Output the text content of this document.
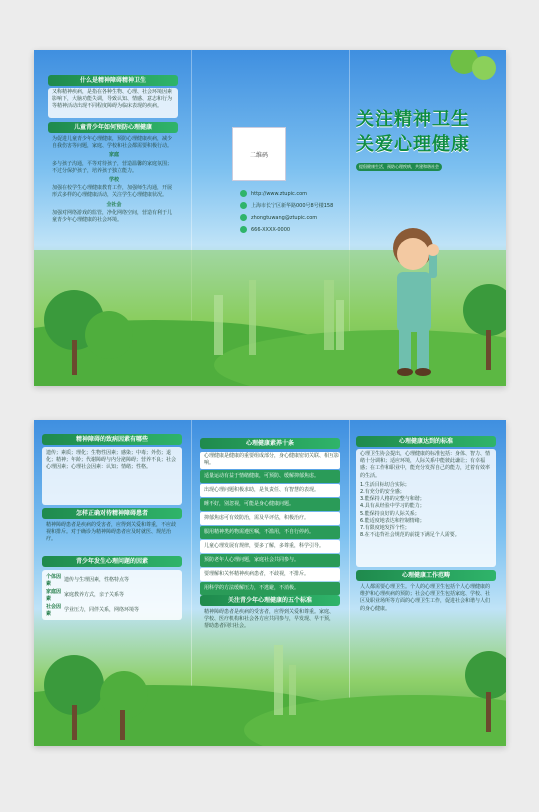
什么是精神障碍精神卫生
又称精神疾病，是指在各种生物、心理、社会环境因素影响下，大脑功能失调，导致认知、情感、意志和行为等精神活动出现不同程度障碍为临床表现的疾病。
儿童青少年如何预防心理健康
为促进儿童青少年心理健康，预防心理健康疾病，减少自我伤害等问题，家庭、学校和社会都需要积极行动。
家庭
多与孩子沟通，平等对待孩子，营造温馨的家庭氛围；不过分保护孩子，培养孩子独立能力。
学校
加强在校学生心理健康教育工作，加强师生沟通，开展形式多样的心理健康活动，关注学生心理健康状况。
全社会
加强对网络游戏的监管，净化网络空间，营造有利于儿童青少年心理健康的社会环境。
二维码
http://www.ztupic.com
上海市长宁区新华路000号8号楼158
zhongtuwang@ztupic.com
666-XXXX-0000
关注精神卫生
关爱心理健康
提倡健康生活，预防心理疾病，共建和谐社会
精神障碍的致病因素有哪些
遗传；素质；理化；生物性因素；感染；中毒；外伤；退化；精神；年龄；代谢障碍与内分泌障碍；营养不良；社会心理因素；心理社会因素：认知；情绪；性格。
怎样正确对待精神障碍患者
精神障碍患者是疾病的受害者，应得到关爱和尊重，不应歧视和排斥。对于确诊为精神障碍患者应及时就医、规范治疗。
青少年发生心理问题的因素
个体因素
遗传与生理因素，性格特点等
家庭因素
家庭教养方式，亲子关系等
社会因素
学业压力，同伴关系，网络环境等
心理健康素养十条
心理健康是健康的重要组成部分，身心健康密切关联、相互影响。
适量运动有益于情绪健康，可预防、缓解抑郁焦虑。
出现心理问题积极求助，是负责任、有智慧的表现。
睡不好，别忽视，可能是身心健康问题。
抑郁焦虑可有效防治，需及早评估，积极治疗。
服用精神类药物需遵医嘱，不滥用，不自行停药。
儿童心理发展有规律，要多了解，多尊重，科学引导。
预防老年人心理问题，家庭社会共同参与。
要理解和关怀精神疾病患者，不歧视，不排斥。
用科学的方法缓解压力，不逃避，不消极。
关注青少年心理健康的五个标准
精神障碍患者是疾病的受害者，应得到关爱和尊重。家庭、学校、医疗机构和社会各方应共同参与，早发现、早干预，帮助患者回归社会。
心理健康达到的标准
心理卫生协会提出，心理健康的标准包括：身体、智力、情绪十分调和；适应环境，人际关系中能彼此谦让；有幸福感；在工作和职业中，能充分发挥自己的能力，过着有效率的生活。
1.生活目标切合实际；
2.有充分的安全感；
3.能保持人格的完整与和谐；
4.具有从经验中学习的能力；
5.能保持良好的人际关系；
6.能适度地表达和控制情绪；
7.有限度地发挥个性；
8.在不违背社会规范的前提下满足个人需要。
心理健康工作范畴
人人都需要心理卫生。个人的心理卫生包括个人心理健康的维护和心理疾病的预防；社会心理卫生包括家庭、学校、社区及职业场所等方面的心理卫生工作，促进社会和谐与人们的身心健康。
